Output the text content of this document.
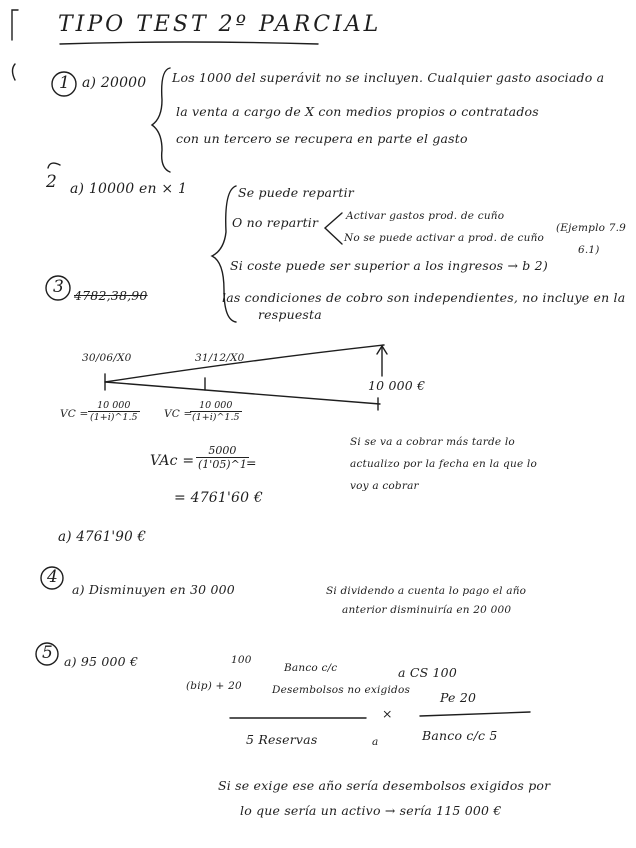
TIPO TEST 2º PARCIAL
1 a) 20000 Los 1000 del superávit no se incluyen. Cualquier gasto asociado a
la venta a cargo de X con medios propios o contratados
con un tercero se recupera en parte el gasto
2 a) 10000 en × 1	Se puede repartir
O no repartir	Activar gastos prod. de cuño
No se puede activar a prod. de cuño
(Ejemplo 7.9
6.1)
Si coste puede ser superior a los ingresos → b 2)
las condiciones de cobro son independientes, no incluye en la
respuesta
3 4782,38,90
30/06/X0	31/12/X0
10 000 €
VC = $\frac{10 000}{(1+i)\^{}1.5}$ VC =
$\frac{10 000}{(1+i)\^{}1.5}$
VAc = $\frac{5000}{(1'05)\^{}1}$
=
= 4761'60 €
Si se va a cobrar más tarde lo
actualizo por la fecha en la que lo
voy a cobrar
a) 4761'90 €
4
a) Disminuyen en 30 000	Si dividendo a cuenta lo pago el año
anterior disminuiría en 20 000
5 a) 95 000 €	100
Banco c/c
(bip) + 20	Desembolsos no exigidos
a CS 100
Pe 20
×
5 Reservas	a	Banco c/c 5
Si se exige ese año sería desembolsos exigidos por
lo que sería un activo → sería 115 000 €
